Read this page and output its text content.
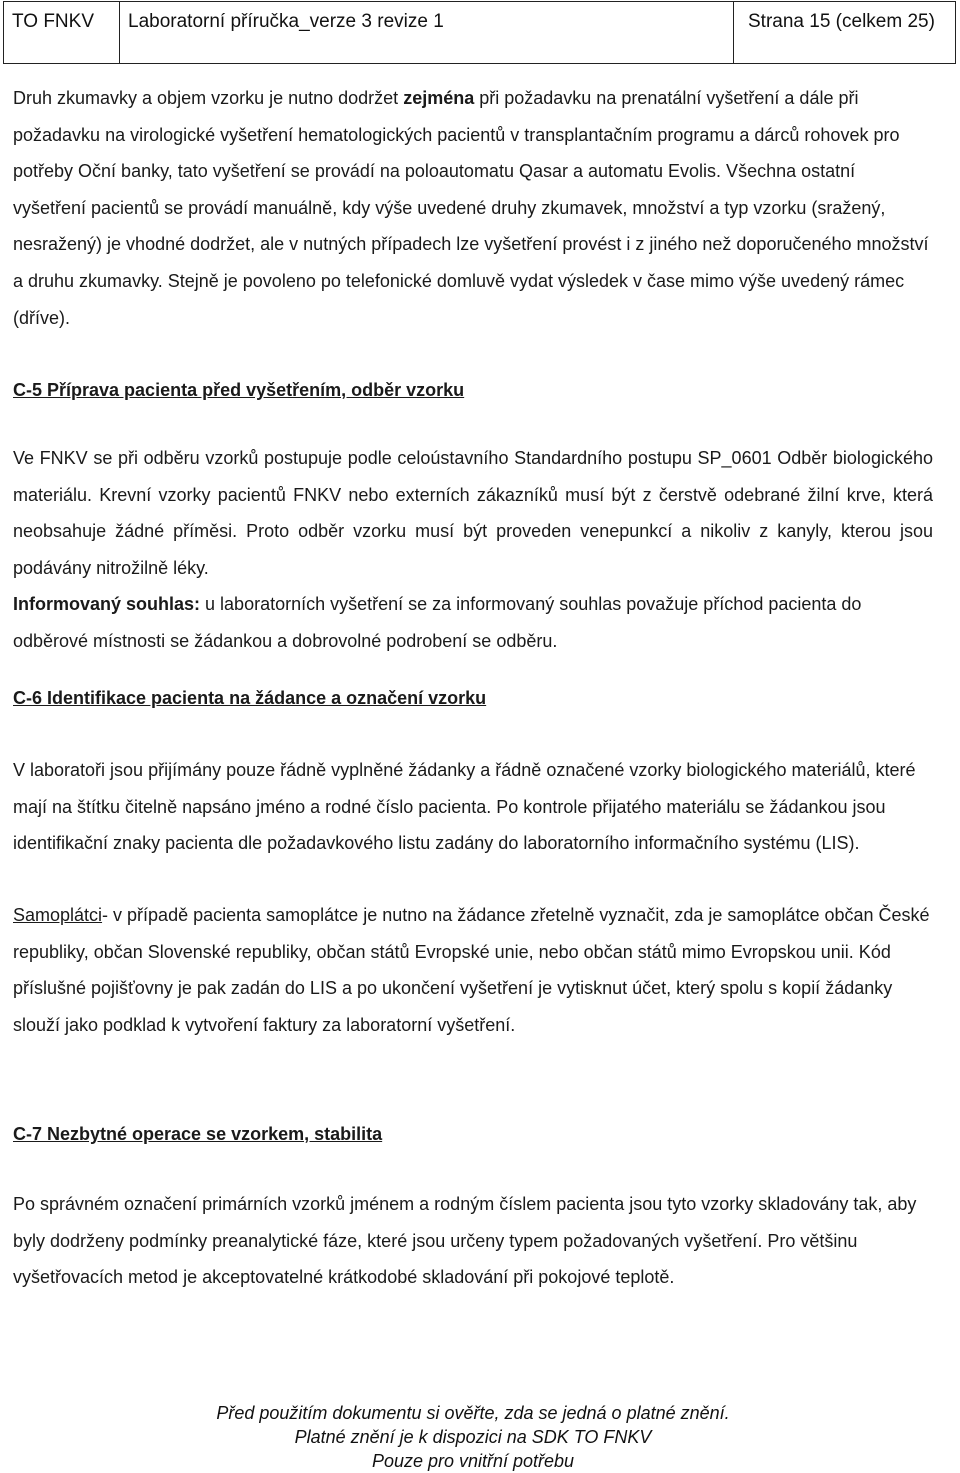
TO FNKV	Laboratorní příručka_verze 3 revize 1	Strana 15 (celkem 25)

Druh zkumavky a objem vzorku je nutno dodržet zejména při požadavku na prenatální vyšetření a dále při požadavku na virologické vyšetření hematologických pacientů v transplantačním programu a dárců rohovek pro potřeby Oční banky, tato vyšetření se provádí na poloautomatu Qasar a automatu Evolis. Všechna ostatní vyšetření pacientů se provádí manuálně, kdy výše uvedené druhy zkumavek, množství a typ vzorku (sražený, nesražený) je vhodné dodržet, ale v nutných případech lze vyšetření provést i z jiného než doporučeného množství a druhu zkumavky. Stejně je povoleno po telefonické domluvě vydat výsledek v čase mimo výše uvedený rámec (dříve).

C-5 Příprava pacienta před vyšetřením, odběr vzorku

Ve FNKV se při odběru vzorků postupuje podle celoústavního Standardního postupu SP_0601 Odběr biologického materiálu. Krevní vzorky pacientů FNKV nebo externích zákazníků musí být z čerstvě odebrané žilní krve, která neobsahuje žádné příměsi. Proto odběr vzorku musí být proveden venepunkcí a nikoliv z kanyly, kterou jsou podávány nitrožilně léky.

Informovaný souhlas: u laboratorních vyšetření se za informovaný souhlas považuje příchod pacienta do odběrové místnosti se žádankou a dobrovolné podrobení se odběru.

C-6 Identifikace pacienta na žádance a označení vzorku

V laboratoři jsou přijímány pouze řádně vyplněné žádanky a řádně označené vzorky biologického materiálů, které mají na štítku čitelně napsáno jméno a rodné číslo pacienta. Po kontrole přijatého materiálu se žádankou jsou identifikační znaky pacienta dle požadavkového listu zadány do laboratorního informačního systému (LIS).

Samoplátci- v případě pacienta samoplátce je nutno na žádance zřetelně vyznačit, zda je samoplátce občan České republiky, občan Slovenské republiky, občan států Evropské unie, nebo občan států mimo Evropskou unii. Kód příslušné pojišťovny je pak zadán do LIS a po ukončení vyšetření je vytisknut účet, který spolu s kopií žádanky slouží jako podklad k vytvoření faktury za laboratorní vyšetření.

C-7 Nezbytné operace se vzorkem, stabilita

Po správném označení primárních vzorků jménem a rodným číslem pacienta jsou tyto vzorky skladovány tak, aby byly dodrženy podmínky preanalytické fáze, které jsou určeny typem požadovaných vyšetření. Pro většinu vyšetřovacích metod je akceptovatelné krátkodobé skladování při pokojové teplotě.

Před použitím dokumentu si ověřte, zda se jedná o platné znění.
Platné znění je k dispozici na SDK TO FNKV
Pouze pro vnitřní potřebu
